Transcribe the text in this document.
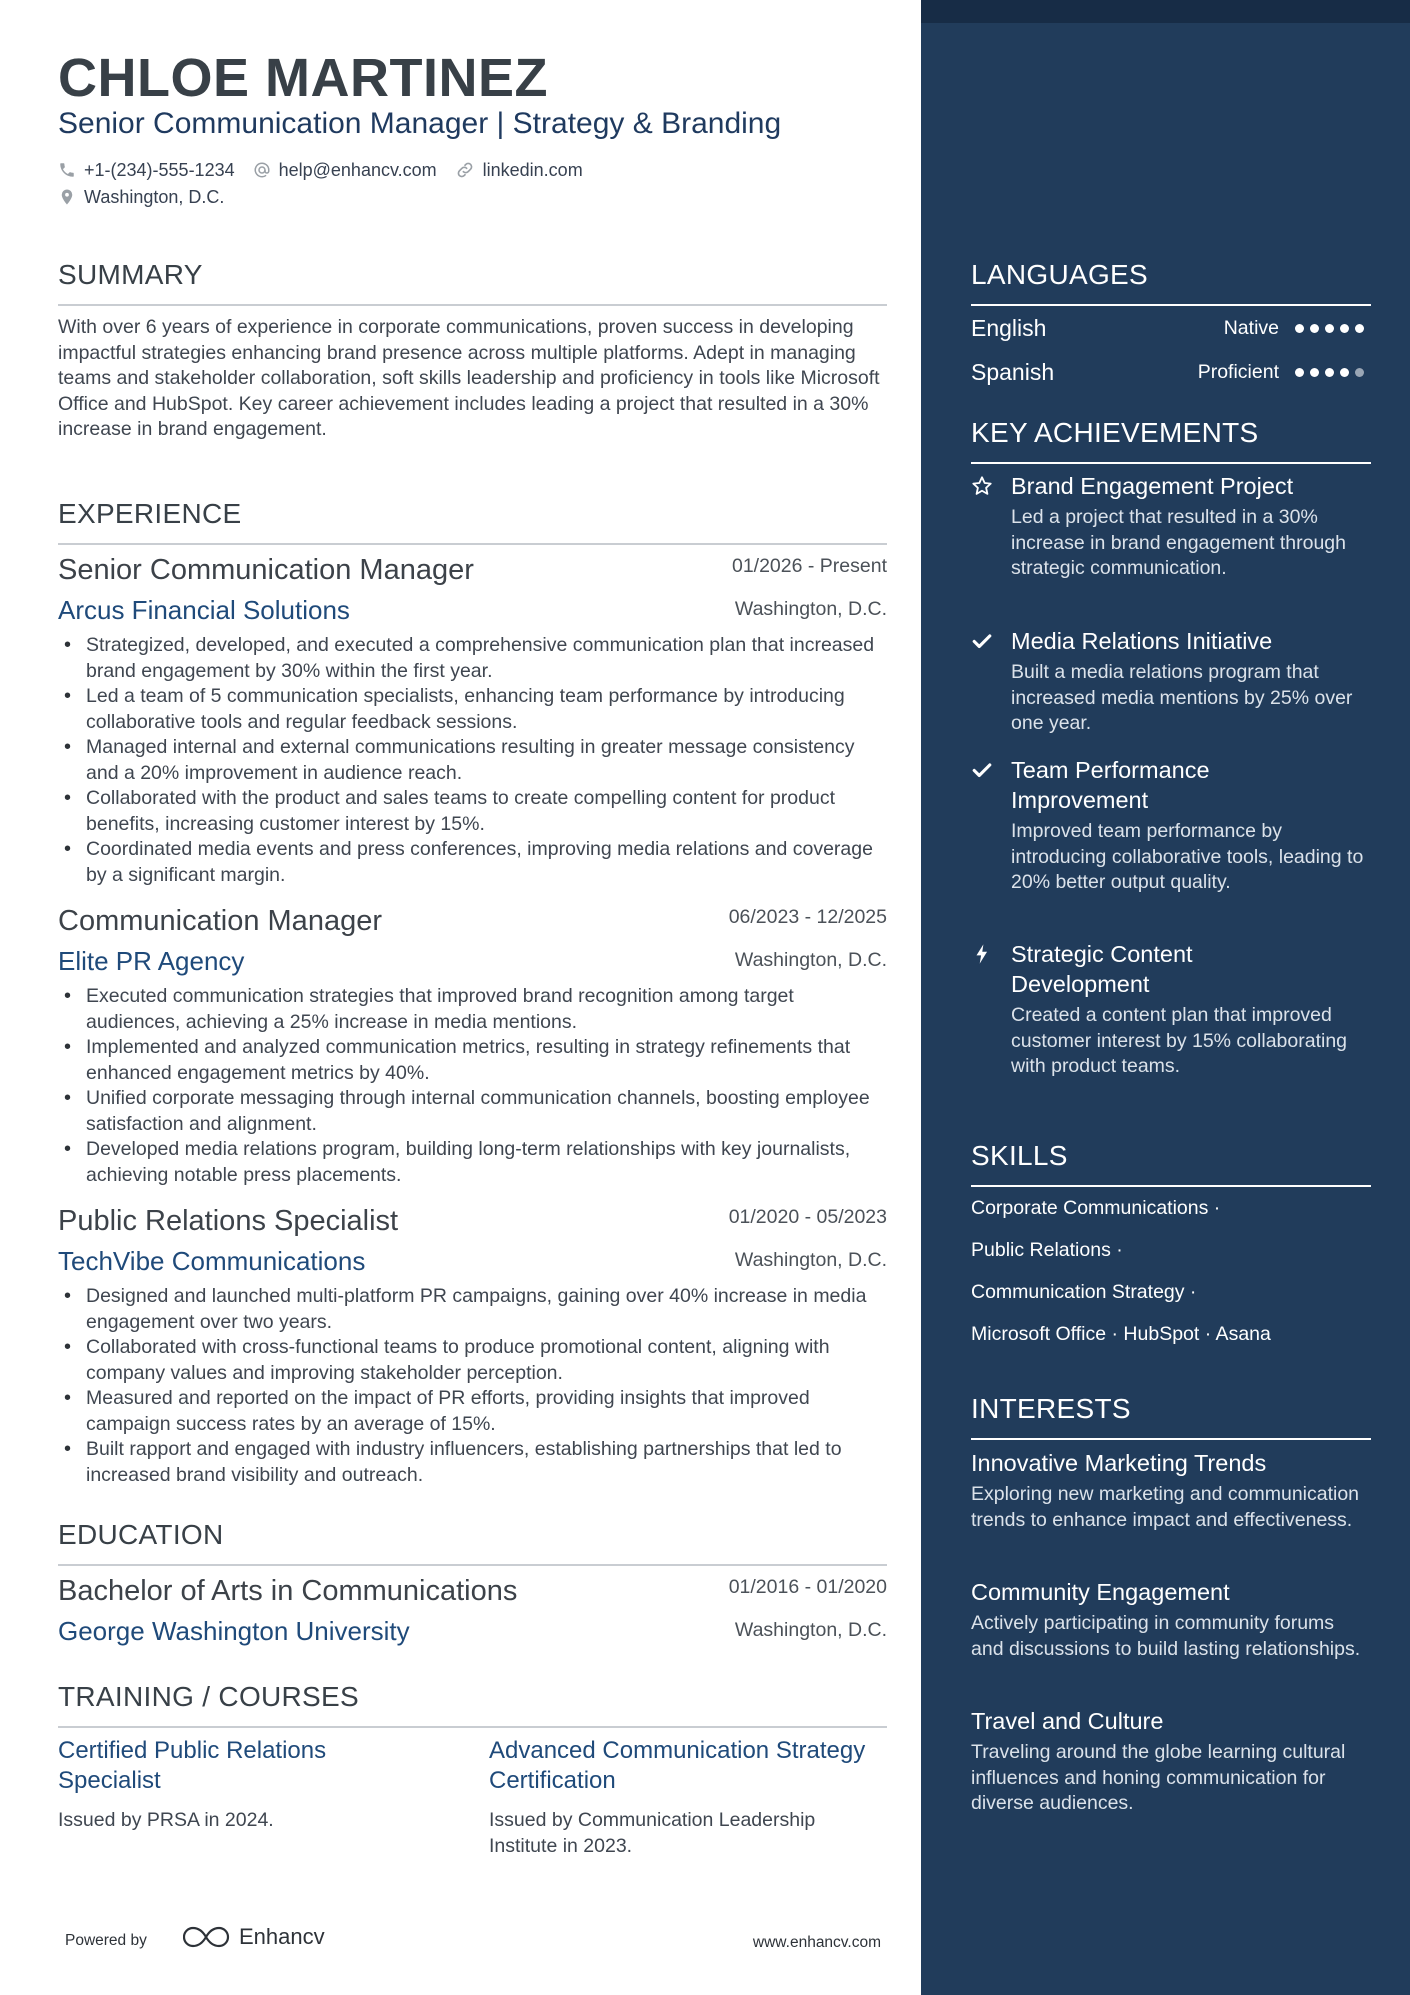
CHLOE MARTINEZ
Senior Communication Manager | Strategy & Branding
+1-(234)-555-1234 help@enhancv.com	linkedin.com
Washington, D.C.
SUMMARY
With over 6 years of experience in corporate communications, proven success in developing impactful strategies enhancing brand presence across multiple platforms. Adept in managing teams and stakeholder collaboration, soft skills leadership and proficiency in tools like Microsoft Office and HubSpot. Key career achievement includes leading a project that resulted in a 30% increase in brand engagement.
EXPERIENCE
Senior Communication Manager	01/2026 - Present
Arcus Financial Solutions	Washington, D.C.
• Strategized, developed, and executed a comprehensive communication plan that increased brand engagement by 30% within the first year.
• Led a team of 5 communication specialists, enhancing team performance by introducing collaborative tools and regular feedback sessions.
• Managed internal and external communications resulting in greater message consistency and a 20% improvement in audience reach.
• Collaborated with the product and sales teams to create compelling content for product benefits, increasing customer interest by 15%.
• Coordinated media events and press conferences, improving media relations and coverage by a significant margin.
Communication Manager	06/2023 - 12/2025
Elite PR Agency	Washington, D.C.
• Executed communication strategies that improved brand recognition among target audiences, achieving a 25% increase in media mentions.
• Implemented and analyzed communication metrics, resulting in strategy refinements that enhanced engagement metrics by 40%.
• Unified corporate messaging through internal communication channels, boosting employee satisfaction and alignment.
• Developed media relations program, building long-term relationships with key journalists, achieving notable press placements.
Public Relations Specialist	01/2020 - 05/2023
TechVibe Communications	Washington, D.C.
• Designed and launched multi-platform PR campaigns, gaining over 40% increase in media engagement over two years.
• Collaborated with cross-functional teams to produce promotional content, aligning with company values and improving stakeholder perception.
• Measured and reported on the impact of PR efforts, providing insights that improved campaign success rates by an average of 15%.
• Built rapport and engaged with industry influencers, establishing partnerships that led to increased brand visibility and outreach.
EDUCATION
Bachelor of Arts in Communications	01/2016 - 01/2020
George Washington University	Washington, D.C.
TRAINING / COURSES
Certified Public Relations Specialist
Issued by PRSA in 2024.
Advanced Communication Strategy Certification
Issued by Communication Leadership Institute in 2023.
Powered by	Enhancv	www.enhancv.com
LANGUAGES
English	Native
Spanish	Proficient
KEY ACHIEVEMENTS
Brand Engagement Project
Led a project that resulted in a 30% increase in brand engagement through strategic communication.
Media Relations Initiative
Built a media relations program that increased media mentions by 25% over one year.
Team Performance Improvement
Improved team performance by introducing collaborative tools, leading to 20% better output quality.
Strategic Content Development
Created a content plan that improved customer interest by 15% collaborating with product teams.
SKILLS
Corporate Communications ·
Public Relations ·
Communication Strategy ·
Microsoft Office · HubSpot · Asana
INTERESTS
Innovative Marketing Trends
Exploring new marketing and communication trends to enhance impact and effectiveness.
Community Engagement
Actively participating in community forums and discussions to build lasting relationships.
Travel and Culture
Traveling around the globe learning cultural influences and honing communication for diverse audiences.
